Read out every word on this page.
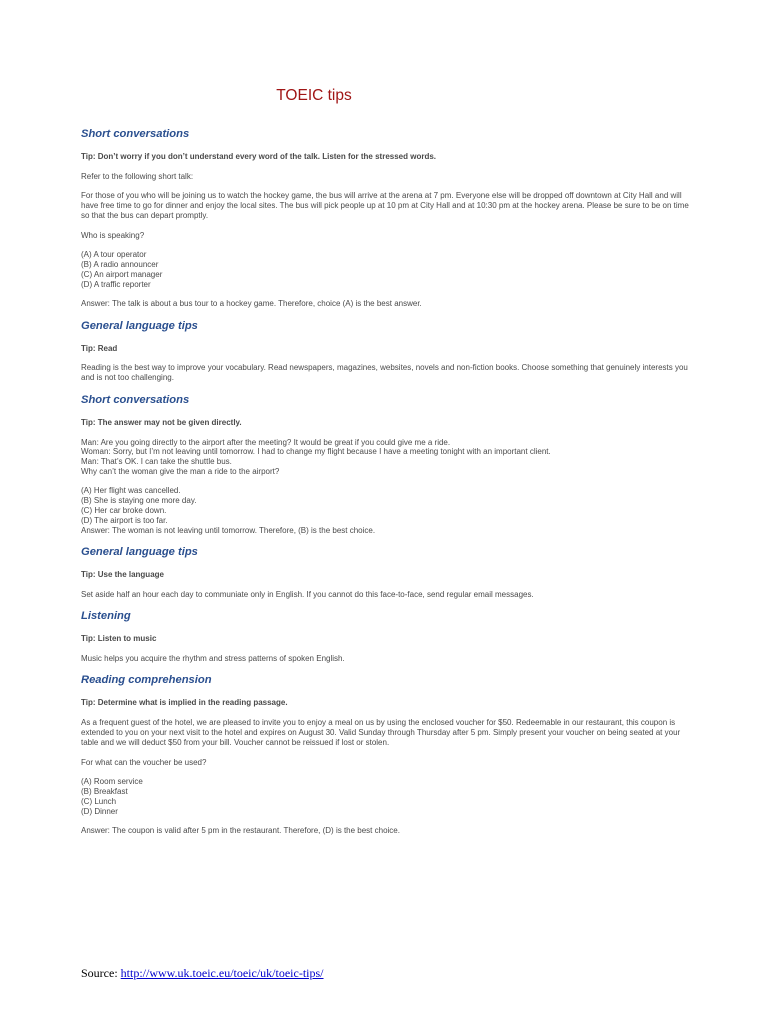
TOEIC tips
Short conversations
Tip: Don’t worry if you don’t understand every word of the talk. Listen for the stressed words.
Refer to the following short talk:
For those of you who will be joining us to watch the hockey game, the bus will arrive at the arena at 7 pm. Everyone else will be dropped off downtown at City Hall and will have free time to go for dinner and enjoy the local sites. The bus will pick people up at 10 pm at City Hall and at 10:30 pm at the hockey arena. Please be sure to be on time so that the bus can depart promptly.
Who is speaking?
(A) A tour operator
(B) A radio announcer
(C) An airport manager
(D) A traffic reporter
Answer: The talk is about a bus tour to a hockey game. Therefore, choice (A) is the best answer.
General language tips
Tip: Read
Reading is the best way to improve your vocabulary. Read newspapers, magazines, websites, novels and non-fiction books. Choose something that genuinely interests you and is not too challenging.
Short conversations
Tip: The answer may not be given directly.
Man: Are you going directly to the airport after the meeting? It would be great if you could give me a ride.
Woman: Sorry, but I’m not leaving until tomorrow. I had to change my flight because I have a meeting tonight with an important client.
Man: That’s OK. I can take the shuttle bus.
Why can’t the woman give the man a ride to the airport?
(A) Her flight was cancelled.
(B) She is staying one more day.
(C) Her car broke down.
(D) The airport is too far.
Answer: The woman is not leaving until tomorrow. Therefore, (B) is the best choice.
General language tips
Tip: Use the language
Set aside half an hour each day to communiate only in English. If you cannot do this face-to-face, send regular email messages.
Listening
Tip: Listen to music
Music helps you acquire the rhythm and stress patterns of spoken English.
Reading comprehension
Tip: Determine what is implied in the reading passage.
As a frequent guest of the hotel, we are pleased to invite you to enjoy a meal on us by using the enclosed voucher for $50. Redeemable in our restaurant, this coupon is extended to you on your next visit to the hotel and expires on August 30. Valid Sunday through Thursday after 5 pm. Simply present your voucher on being seated at your table and we will deduct $50 from your bill. Voucher cannot be reissued if lost or stolen.
For what can the voucher be used?
(A) Room service
(B) Breakfast
(C) Lunch
(D) Dinner
Answer: The coupon is valid after 5 pm in the restaurant. Therefore, (D) is the best choice.
Source: http://www.uk.toeic.eu/toeic/uk/toeic-tips/
